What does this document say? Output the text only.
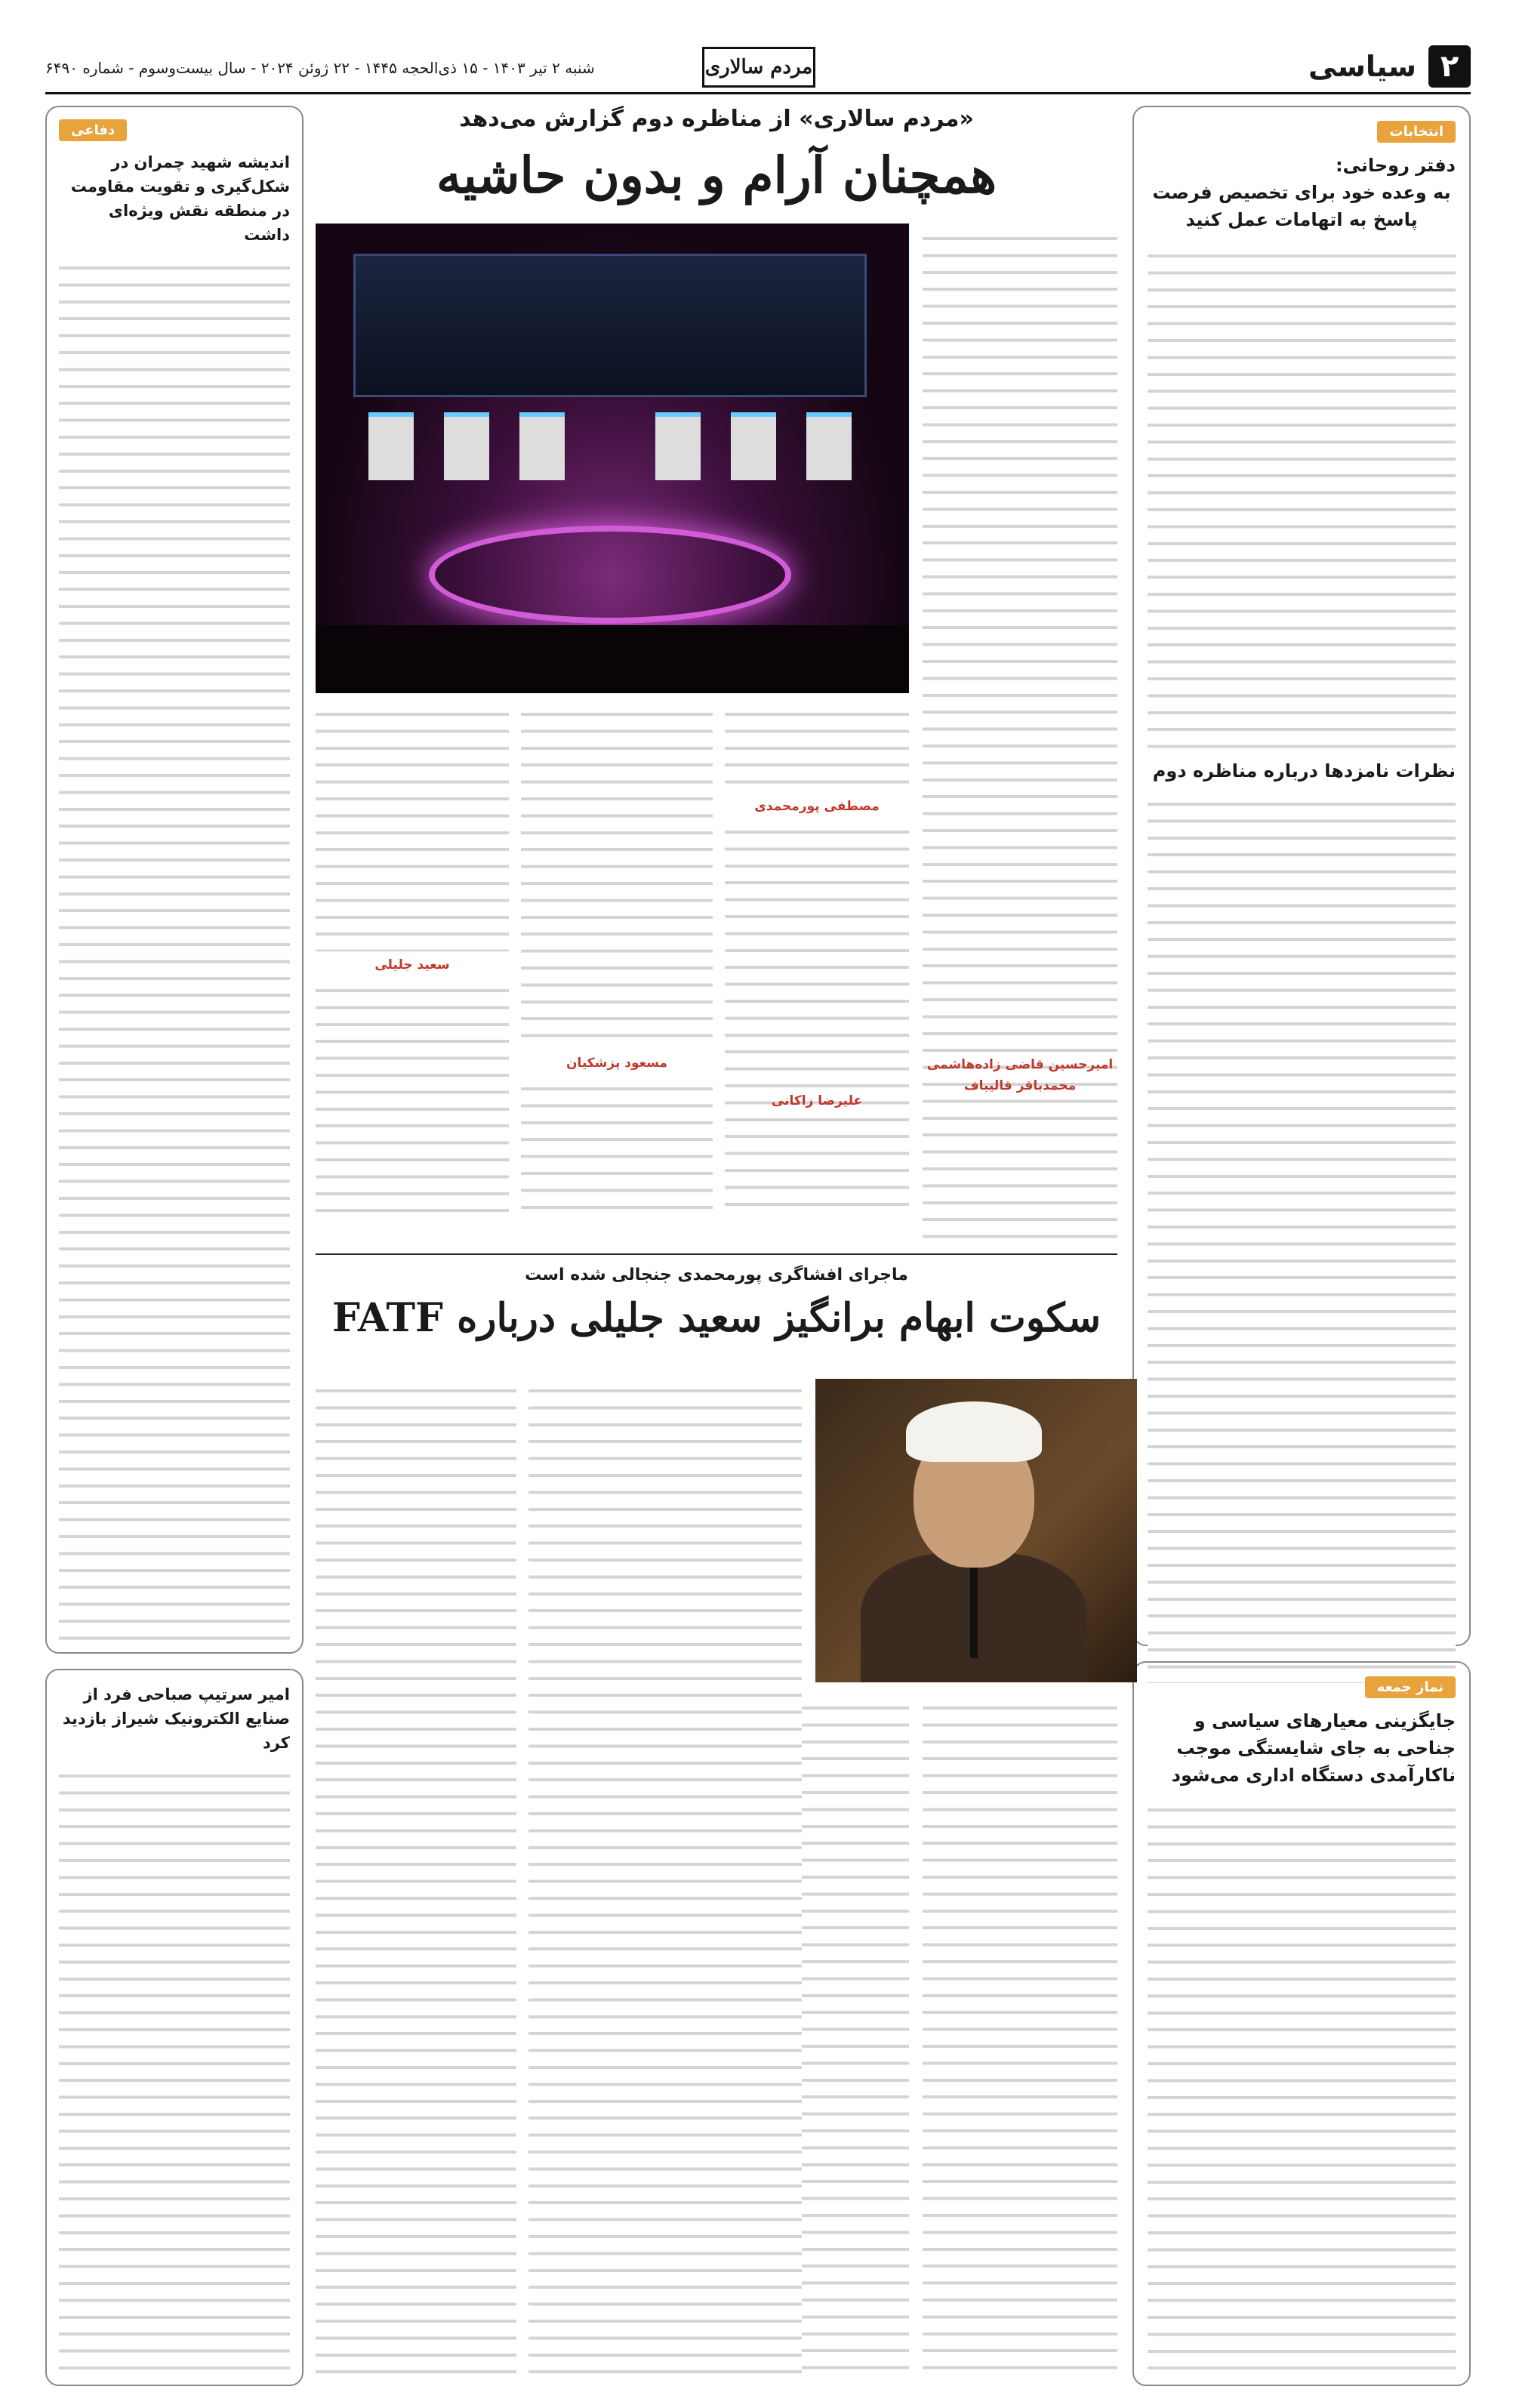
۲
سیاسی
مردم سالاری
شنبه ۲ تیر ۱۴۰۳ - ۱۵ ذی‌الحجه ۱۴۴۵ - ۲۲ ژوئن ۲۰۲۴ - سال بیست‌وسوم - شماره ۶۴۹۰
انتخابات
دفتر روحانی:
به وعده خود برای تخصیص فرصت پاسخ به اتهامات عمل کنید
نظرات نامزدها درباره مناظره دوم
نماز جمعه
جایگزینی معیارهای سیاسی و جناحی به جای شایستگی موجب ناکارآمدی دستگاه اداری می‌شود
«مردم سالاری» از مناظره دوم گزارش می‌دهد
همچنان آرام و بدون حاشیه
مصطفی پورمحمدی
مسعود پزشکیان
سعید جلیلی
امیرحسین قاضی زاده‌هاشمی
محمدباقر قالیباف
علیرضا زاکانی
ماجرای افشاگری پورمحمدی جنجالی شده است
سکوت ابهام برانگیز سعید جلیلی درباره FATF
دفاعی
اندیشه شهید چمران در شکل‌گیری و تقویت مقاومت در منطقه نقش ویژه‌ای داشت
امیر سرتیپ صباحی فرد از صنایع الکترونیک شیراز بازدید کرد
